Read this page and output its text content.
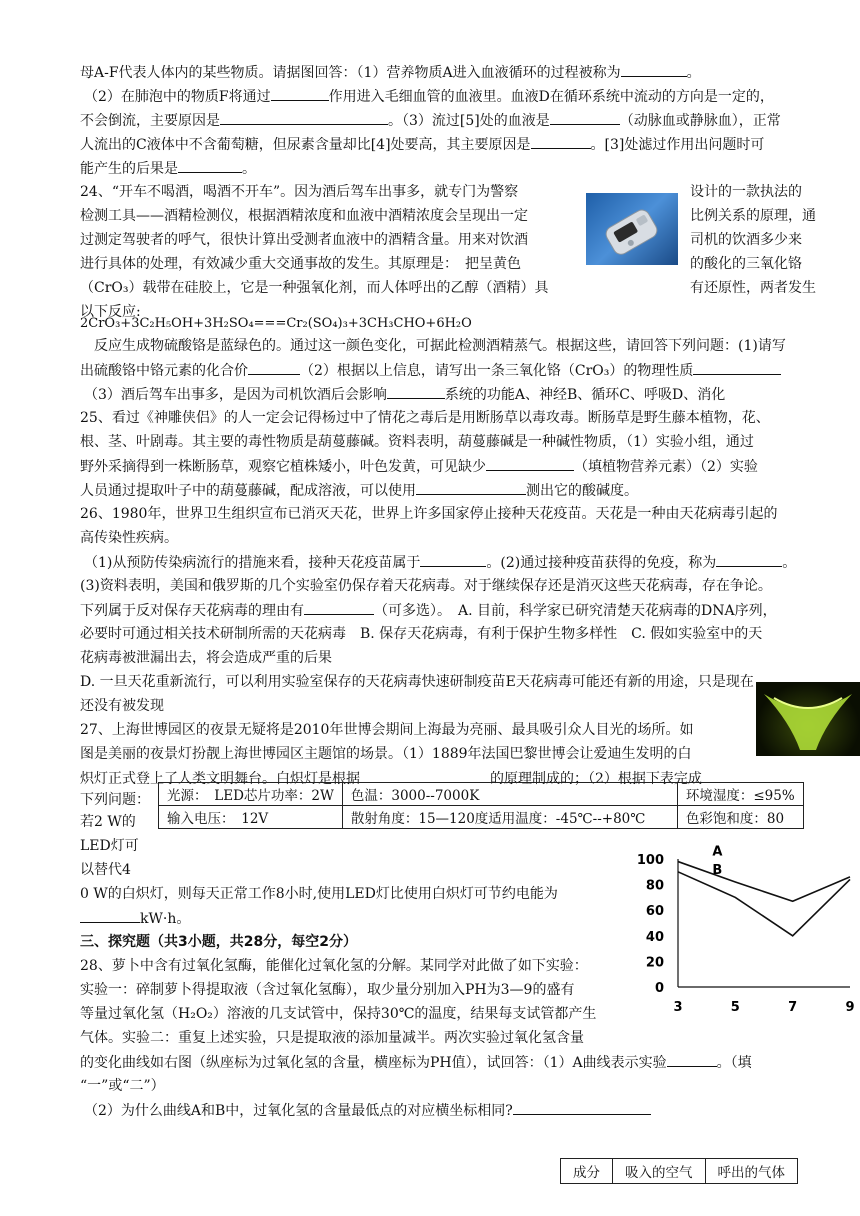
母A-F代表人体内的某些物质。请据图回答：（1）营养物质A进入血液循环的过程被称为	。
（2）在肺泡中的物质F将通过	作用进入毛细血管的血液里。血液D在循环系统中流动的方向是一定的，
不会倒流，主要原因是	。（3）流过[5]处的血液是	（动脉血或静脉血），正常
人流出的C液体中不含葡萄糖，但尿素含量却比[4]处要高，其主要原因是	。[3]处滤过作用出问题时可
能产生的后果是	。
24、“开车不喝酒，喝酒不开车”。因为酒后驾车出事多，就专门为警察	设计的一款执法的
检测工具——酒精检测仪，根据酒精浓度和血液中酒精浓度会呈现出一定	比例关系的原理，通
过测定驾驶者的呼气，很快计算出受测者血液中的酒精含量。用来对饮酒	司机的饮酒多少来
进行具体的处理，有效减少重大交通事故的发生。其原理是：　把呈黄色	的酸化的三氧化铬
（CrO₃）载带在硅胶上，它是一种强氧化剂，而人体呼出的乙醇（酒精）具	有还原性，两者发生
以下反应:
2CrO₃+3C₂H₅OH+3H₂SO₄===Cr₂(SO₄)₃+3CH₃CHO+6H₂O
　反应生成物硫酸铬是蓝绿色的。通过这一颜色变化，可据此检测酒精蒸气。根据这些，请回答下列问题：(1)请写
出硫酸铬中铬元素的化合价	（2）根据以上信息，请写出一条三氧化铬（CrO₃）的物理性质
（3）酒后驾车出事多，是因为司机饮酒后会影响	系统的功能A、神经B、循环C、呼吸D、消化
25、看过《神雕侠侣》的人一定会记得杨过中了情花之毒后是用断肠草以毒攻毒。断肠草是野生藤本植物，花、
根、茎、叶剧毒。其主要的毒性物质是葫蔓藤碱。资料表明，葫蔓藤碱是一种碱性物质，（1）实验小组，通过
野外采摘得到一株断肠草，观察它植株矮小，叶色发黄，可见缺少	（填植物营养元素）（2）实验
人员通过提取叶子中的葫蔓藤碱，配成溶液，可以使用	测出它的酸碱度。
26、1980年，世界卫生组织宣布已消灭天花，世界上许多国家停止接种天花疫苗。天花是一种由天花病毒引起的
高传染性疾病。
（1)从预防传染病流行的措施来看，接种天花疫苗属于	。(2)通过接种疫苗获得的免疫，称为	。
(3)资料表明，美国和俄罗斯的几个实验室仍保存着天花病毒。对于继续保存还是消灭这些天花病毒，存在争论。
下列属于反对保存天花病毒的理由有	（可多选）。　A. 目前，科学家已研究清楚天花病毒的DNA序列，
必要时可通过相关技术研制所需的天花病毒　B. 保存天花病毒，有利于保护生物多样性　C. 假如实验室中的天
花病毒被泄漏出去，将会造成严重的后果
D. 一旦天花重新流行，可以利用实验室保存的天花病毒快速研制疫苗E天花病毒可能还有新的用途，只是现在
还没有被发现
27、上海世博园区的夜景无疑将是2010年世博会期间上海最为亮丽、最具吸引众人目光的场所。如
图是美丽的夜景灯扮靓上海世博园区主题馆的场景。（1）1889年法国巴黎世博会让爱迪生发明的白
炽灯正式登上了人类文明舞台。白炽灯是根据	的原理制成的；（2）根据下表完成
下列问题：
若2 W的
LED灯可
以替代4
0 W的白炽灯，则每天正常工作8小时,使用LED灯比使用白炽灯可节约电能为
kW·h。
光源：　LED芯片功率：2W	色温：3000--7000K	环境湿度：≤95%
输入电压：　12V	散射角度：15—120度适用温度：-45℃--+80℃	色彩饱和度：80
三、探究题（共3小题，共28分，每空2分）
28、萝卜中含有过氧化氢酶，能催化过氧化氢的分解。某同学对此做了如下实验：
实验一：碎制萝卜得提取液（含过氧化氢酶），取少量分别加入PH为3—9的盛有
等量过氧化氢（H₂O₂）溶液的几支试管中，保持30℃的温度，结果每支试管都产生
气体。实验二：重复上述实验，只是提取液的添加量减半。两次实验过氧化氢含量
的变化曲线如右图（纵座标为过氧化氢的含量，横座标为PH值），试回答：（1）A曲线表示实验	。（填
“一”或“二”）
（2）为什么曲线A和B中，过氧化氢的含量最低点的对应横坐标相同?
0
20
40
60
80
100
3	5	7	9
A
B
成分	吸入的空气	呼出的气体
